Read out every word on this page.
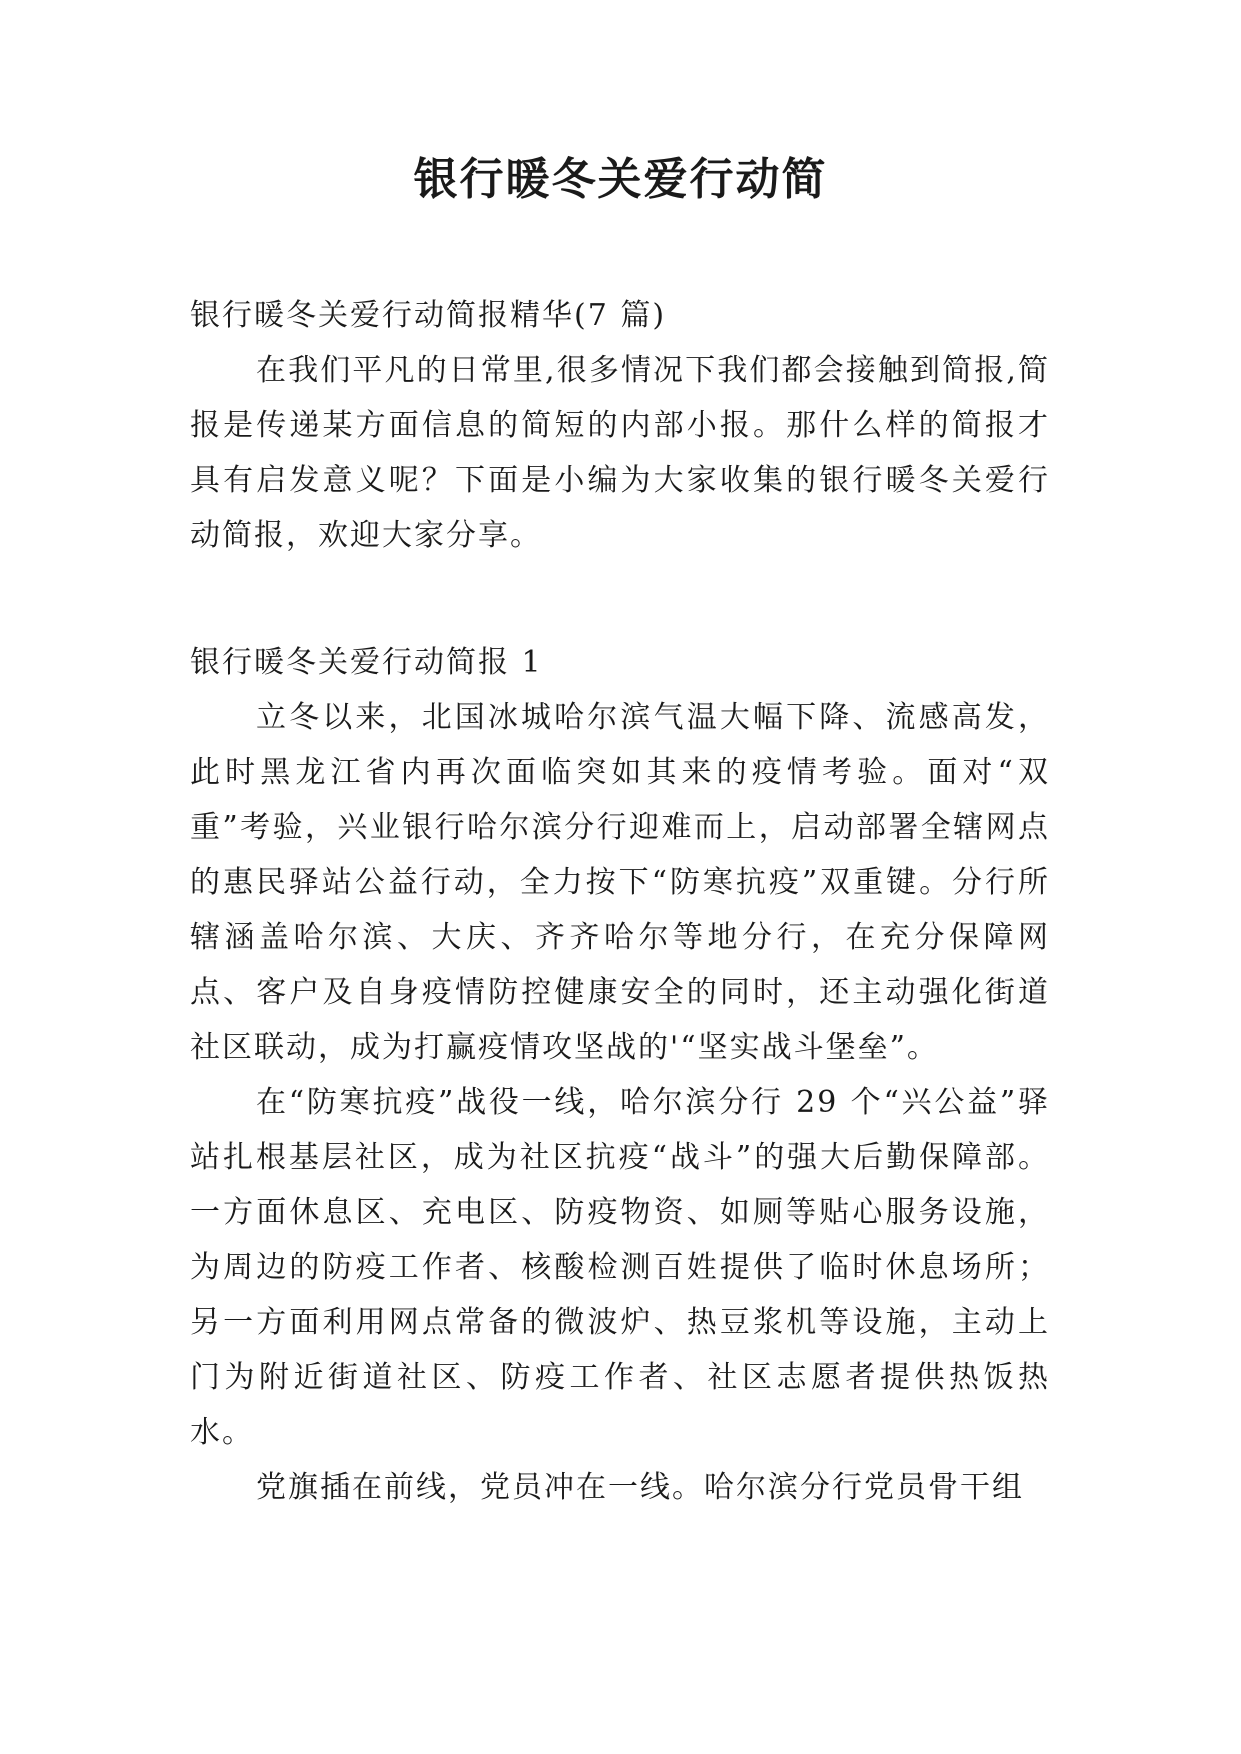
银行暖冬关爱行动简

银行暖冬关爱行动简报精华(7 篇)

在我们平凡的日常里,很多情况下我们都会接触到简报,简报是传递某方面信息的简短的内部小报。那什么样的简报才具有启发意义呢？下面是小编为大家收集的银行暖冬关爱行动简报，欢迎大家分享。

银行暖冬关爱行动简报 1

立冬以来，北国冰城哈尔滨气温大幅下降、流感高发，此时黑龙江省内再次面临突如其来的疫情考验。面对“双重”考验，兴业银行哈尔滨分行迎难而上，启动部署全辖网点的惠民驿站公益行动，全力按下“防寒抗疫”双重键。分行所辖涵盖哈尔滨、大庆、齐齐哈尔等地分行，在充分保障网点、客户及自身疫情防控健康安全的同时，还主动强化街道社区联动，成为打赢疫情攻坚战的'“坚实战斗堡垒”。

在“防寒抗疫”战役一线，哈尔滨分行 29 个“兴公益”驿站扎根基层社区，成为社区抗疫“战斗”的强大后勤保障部。一方面休息区、充电区、防疫物资、如厕等贴心服务设施，为周边的防疫工作者、核酸检测百姓提供了临时休息场所；另一方面利用网点常备的微波炉、热豆浆机等设施，主动上门为附近街道社区、防疫工作者、社区志愿者提供热饭热水。

党旗插在前线，党员冲在一线。哈尔滨分行党员骨干组
